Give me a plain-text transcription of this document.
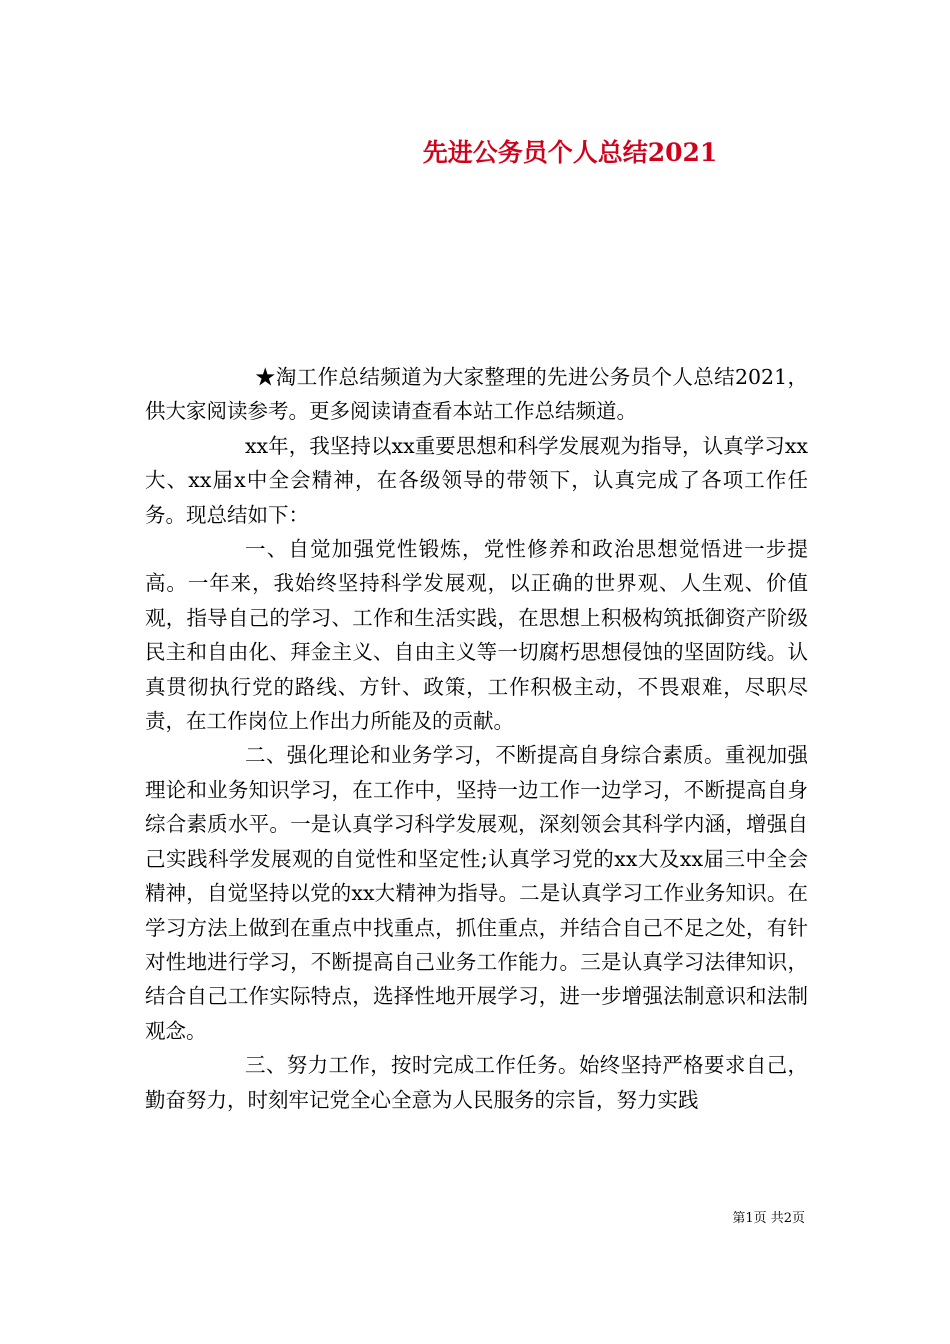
先进公务员个人总结2021

★淘工作总结频道为大家整理的先进公务员个人总结2021，供大家阅读参考。更多阅读请查看本站工作总结频道。

xx年，我坚持以xx重要思想和科学发展观为指导，认真学习xx大、xx届x中全会精神，在各级领导的带领下，认真完成了各项工作任务。现总结如下：

一、自觉加强党性锻炼，党性修养和政治思想觉悟进一步提高。一年来，我始终坚持科学发展观，以正确的世界观、人生观、价值观，指导自己的学习、工作和生活实践，在思想上积极构筑抵御资产阶级民主和自由化、拜金主义、自由主义等一切腐朽思想侵蚀的坚固防线。认真贯彻执行党的路线、方针、政策，工作积极主动，不畏艰难，尽职尽责，在工作岗位上作出力所能及的贡献。

二、强化理论和业务学习，不断提高自身综合素质。重视加强理论和业务知识学习，在工作中，坚持一边工作一边学习，不断提高自身综合素质水平。一是认真学习科学发展观，深刻领会其科学内涵，增强自己实践科学发展观的自觉性和坚定性;认真学习党的xx大及xx届三中全会精神，自觉坚持以党的xx大精神为指导。二是认真学习工作业务知识。在学习方法上做到在重点中找重点，抓住重点，并结合自己不足之处，有针对性地进行学习，不断提高自己业务工作能力。三是认真学习法律知识，结合自己工作实际特点，选择性地开展学习，进一步增强法制意识和法制观念。

三、努力工作，按时完成工作任务。始终坚持严格要求自己，勤奋努力，时刻牢记党全心全意为人民服务的宗旨，努力实践

第1页 共2页
